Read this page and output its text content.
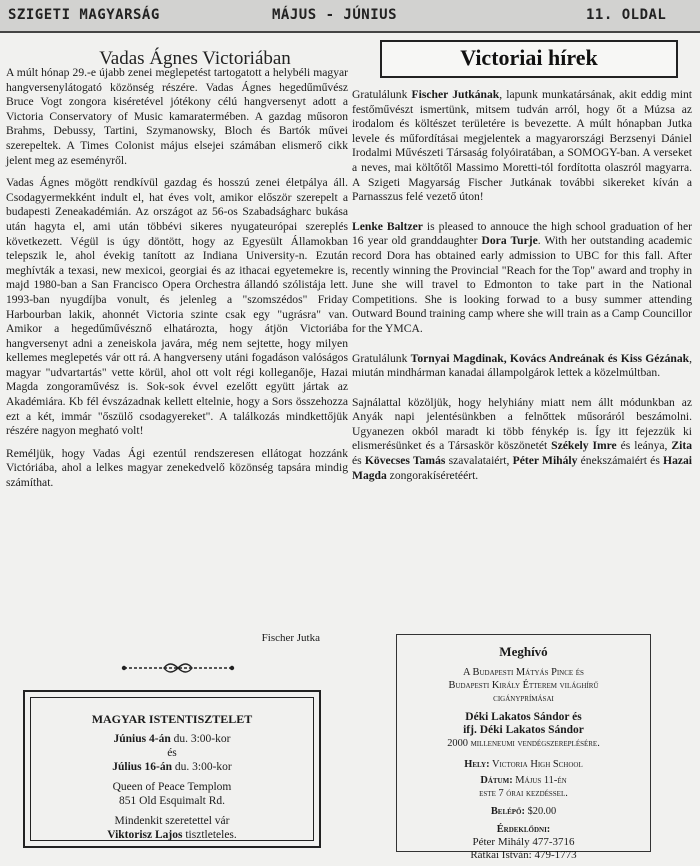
SZIGETI MAGYARSÁG	MÁJUS - JÚNIUS	11. OLDAL
Vadas Ágnes Victoriában

A múlt hónap 29.-e újabb zenei meglepetést tartogatott a helybéli magyar hangversenylátogató közönség részére. Vadas Ágnes hegedűművész Bruce Vogt zongora kiséretével jótékony célú hangversenyt adott a Victoria Conservatory of Music kamaratermében. A gazdag műsoron Brahms, Debussy, Tartini, Szymanowsky, Bloch és Bartók művei szerepeltek. A Times Colonist május elsejei számában elismerő cikk jelent meg az eseményről.

Vadas Ágnes mögött rendkívül gazdag és hosszú zenei életpálya áll. Csodagyermekként indult el, hat éves volt, amikor először szerepelt a budapesti Zeneakadémián. Az országot az 56-os Szabadságharc bukása után hagyta el, ami után többévi sikeres nyugateurópai szereplés következett. Végül is úgy döntött, hogy az Egyesült Államokban telepszik le, ahol évekig tanított az Indiana University-n. Ezután meghívták a texasi, new mexicoi, georgiai és az ithacai egyetemekre is, majd 1980-ban a San Francisco Opera Orchestra állandó szólistája lett. 1993-ban nyugdíjba vonult, és jelenleg a "szomszédos" Friday Harbourban lakik, ahonnét Victoria szinte csak egy "ugrásra" van. Amikor a hegedűművésznő elhatározta, hogy átjön Victoriába hangversenyt adni a zeneiskola javára, még nem sejtette, hogy milyen kellemes meglepetés vár ott rá. A hangverseny utáni fogadáson valóságos magyar "udvartartás" vette körül, ahol ott volt régi kolleganője, Hazai Magda zongoraművész is. Sok-sok évvel ezelőtt együtt jártak az Akadémiára. Kb fél évszázadnak kellett eltelnie, hogy a Sors összehozza ezt a két, immár "őszülő csodagyereket". A találkozás mindkettőjük részére nagyon megható volt!

Reméljük, hogy Vadas Ági ezentúl rendszeresen ellátogat hozzánk Victóriába, ahol a lelkes magyar zenekedvelő közönség tapsára mindig számíthat.

Fischer Jutka
MAGYAR ISTENTISZTELET
Június 4-án du. 3:00-kor
és
Július 16-án du. 3:00-kor
Queen of Peace Templom
851 Old Esquimalt Rd.
Mindenkit szeretettel vár
Viktorisz Lajos tisztleteles.
Victoriai hírek

Gratulálunk Fischer Jutkának, lapunk munkatársának, akit eddig mint festőművészt ismertünk, mitsem tudván arról, hogy őt a Múzsa az irodalom és költészet területére is bevezette. A múlt hónapban Jutka levele és műfordításai megjelentek a magyarországi Berzsenyi Dániel Irodalmi Művészeti Társaság folyóiratában, a SOMOGY-ban. A verseket a neves, mai költőtől Massimo Moretti-tól fordította olaszról magyarra. A Szigeti Magyarság Fischer Jutkának további sikereket kíván a Parnasszus felé vezető úton!

Lenke Baltzer is pleased to annouce the high school graduation of her 16 year old granddaughter Dora Turje. With her outstanding academic record Dora has obtained early admission to UBC for this fall. After recently winning the Provincial "Reach for the Top" award and trophy in June she will travel to Edmonton to take part in the National Competitions. She is looking forwad to a busy summer attending Outward Bound training camp where she will train as a Camp Councillor for the YMCA.

Gratulálunk Tornyai Magdinak, Kovács Andreának és Kiss Gézának, miután mindhárman kanadai állampolgárok lettek a közelmúltban.

Sajnálattal közöljük, hogy helyhiány miatt nem állt módunkban az Anyák napi jelentésünkben a felnőttek műsoráról beszámolni. Ugyanezen okból maradt ki több fénykép is. Így itt fejezzük ki elismerésünket és a Társaskör köszönetét Székely Imre és leánya, Zita és Kövecses Tamás szavalataiért, Péter Mihály énekszámaiért és Hazai Magda zongorakíséretéért.

Meghívó
A Budapesti Mátyás Pince és
Budapesti Király Étterem világhírű
cigányprímásai
Déki Lakatos Sándor és
ifj. Déki Lakatos Sándor
2000 milleneumi vendégszereplésére.
Hely: Victoria High School
Dátum: Május 11-én
este 7 órai kezdéssel.
Belépő: $20.00
Érdeklődni:
Péter Mihály 477-3716
Rátkai István: 479-1773
